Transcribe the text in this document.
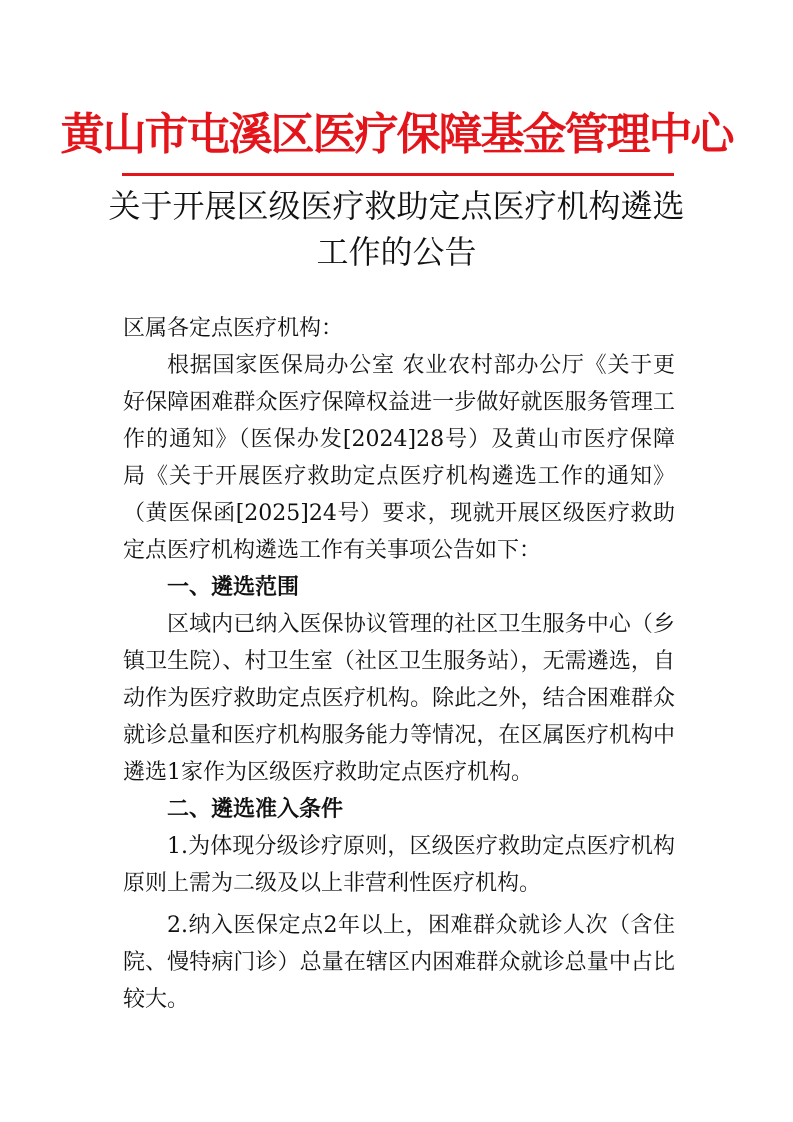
黄山市屯溪区医疗保障基金管理中心
关于开展区级医疗救助定点医疗机构遴选
工作的公告

区属各定点医疗机构：

根据国家医保局办公室 农业农村部办公厅《关于更好保障困难群众医疗保障权益进一步做好就医服务管理工作的通知》（医保办发[2024]28号）及黄山市医疗保障局《关于开展医疗救助定点医疗机构遴选工作的通知》（黄医保函[2025]24号）要求，现就开展区级医疗救助定点医疗机构遴选工作有关事项公告如下：

一、遴选范围

区域内已纳入医保协议管理的社区卫生服务中心（乡镇卫生院）、村卫生室（社区卫生服务站），无需遴选，自动作为医疗救助定点医疗机构。除此之外，结合困难群众就诊总量和医疗机构服务能力等情况，在区属医疗机构中遴选1家作为区级医疗救助定点医疗机构。

二、遴选准入条件

1.为体现分级诊疗原则，区级医疗救助定点医疗机构原则上需为二级及以上非营利性医疗机构。

2.纳入医保定点2年以上，困难群众就诊人次（含住院、慢特病门诊）总量在辖区内困难群众就诊总量中占比较大。
